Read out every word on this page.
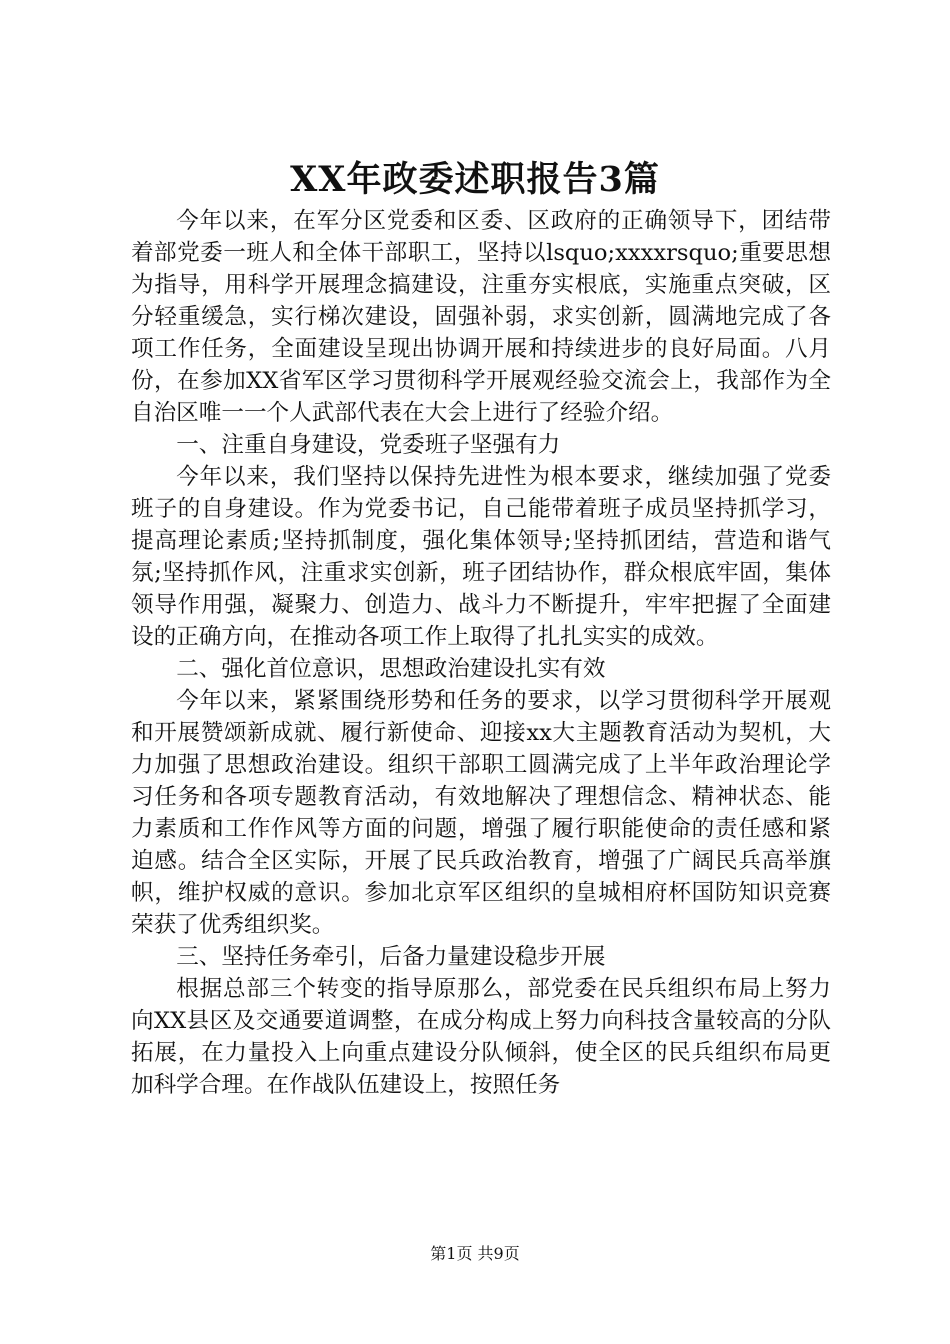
XX年政委述职报告3篇

今年以来，在军分区党委和区委、区政府的正确领导下，团结带着部党委一班人和全体干部职工，坚持以lsquo;xxxxrsquo;重要思想为指导，用科学开展理念搞建设，注重夯实根底，实施重点突破，区分轻重缓急，实行梯次建设，固强补弱，求实创新，圆满地完成了各项工作任务，全面建设呈现出协调开展和持续进步的良好局面。八月份，在参加XX省军区学习贯彻科学开展观经验交流会上，我部作为全自治区唯一一个人武部代表在大会上进行了经验介绍。

一、注重自身建设，党委班子坚强有力

今年以来，我们坚持以保持先进性为根本要求，继续加强了党委班子的自身建设。作为党委书记，自己能带着班子成员坚持抓学习，提高理论素质;坚持抓制度，强化集体领导;坚持抓团结，营造和谐气氛;坚持抓作风，注重求实创新，班子团结协作，群众根底牢固，集体领导作用强，凝聚力、创造力、战斗力不断提升，牢牢把握了全面建设的正确方向，在推动各项工作上取得了扎扎实实的成效。

二、强化首位意识，思想政治建设扎实有效

今年以来，紧紧围绕形势和任务的要求，以学习贯彻科学开展观和开展赞颂新成就、履行新使命、迎接xx大主题教育活动为契机，大力加强了思想政治建设。组织干部职工圆满完成了上半年政治理论学习任务和各项专题教育活动，有效地解决了理想信念、精神状态、能力素质和工作作风等方面的问题，增强了履行职能使命的责任感和紧迫感。结合全区实际，开展了民兵政治教育，增强了广阔民兵高举旗帜，维护权威的意识。参加北京军区组织的皇城相府杯国防知识竞赛荣获了优秀组织奖。

三、坚持任务牵引，后备力量建设稳步开展

根据总部三个转变的指导原那么，部党委在民兵组织布局上努力向XX县区及交通要道调整，在成分构成上努力向科技含量较高的分队拓展，在力量投入上向重点建设分队倾斜，使全区的民兵组织布局更加科学合理。在作战队伍建设上，按照任务

第1页 共9页
